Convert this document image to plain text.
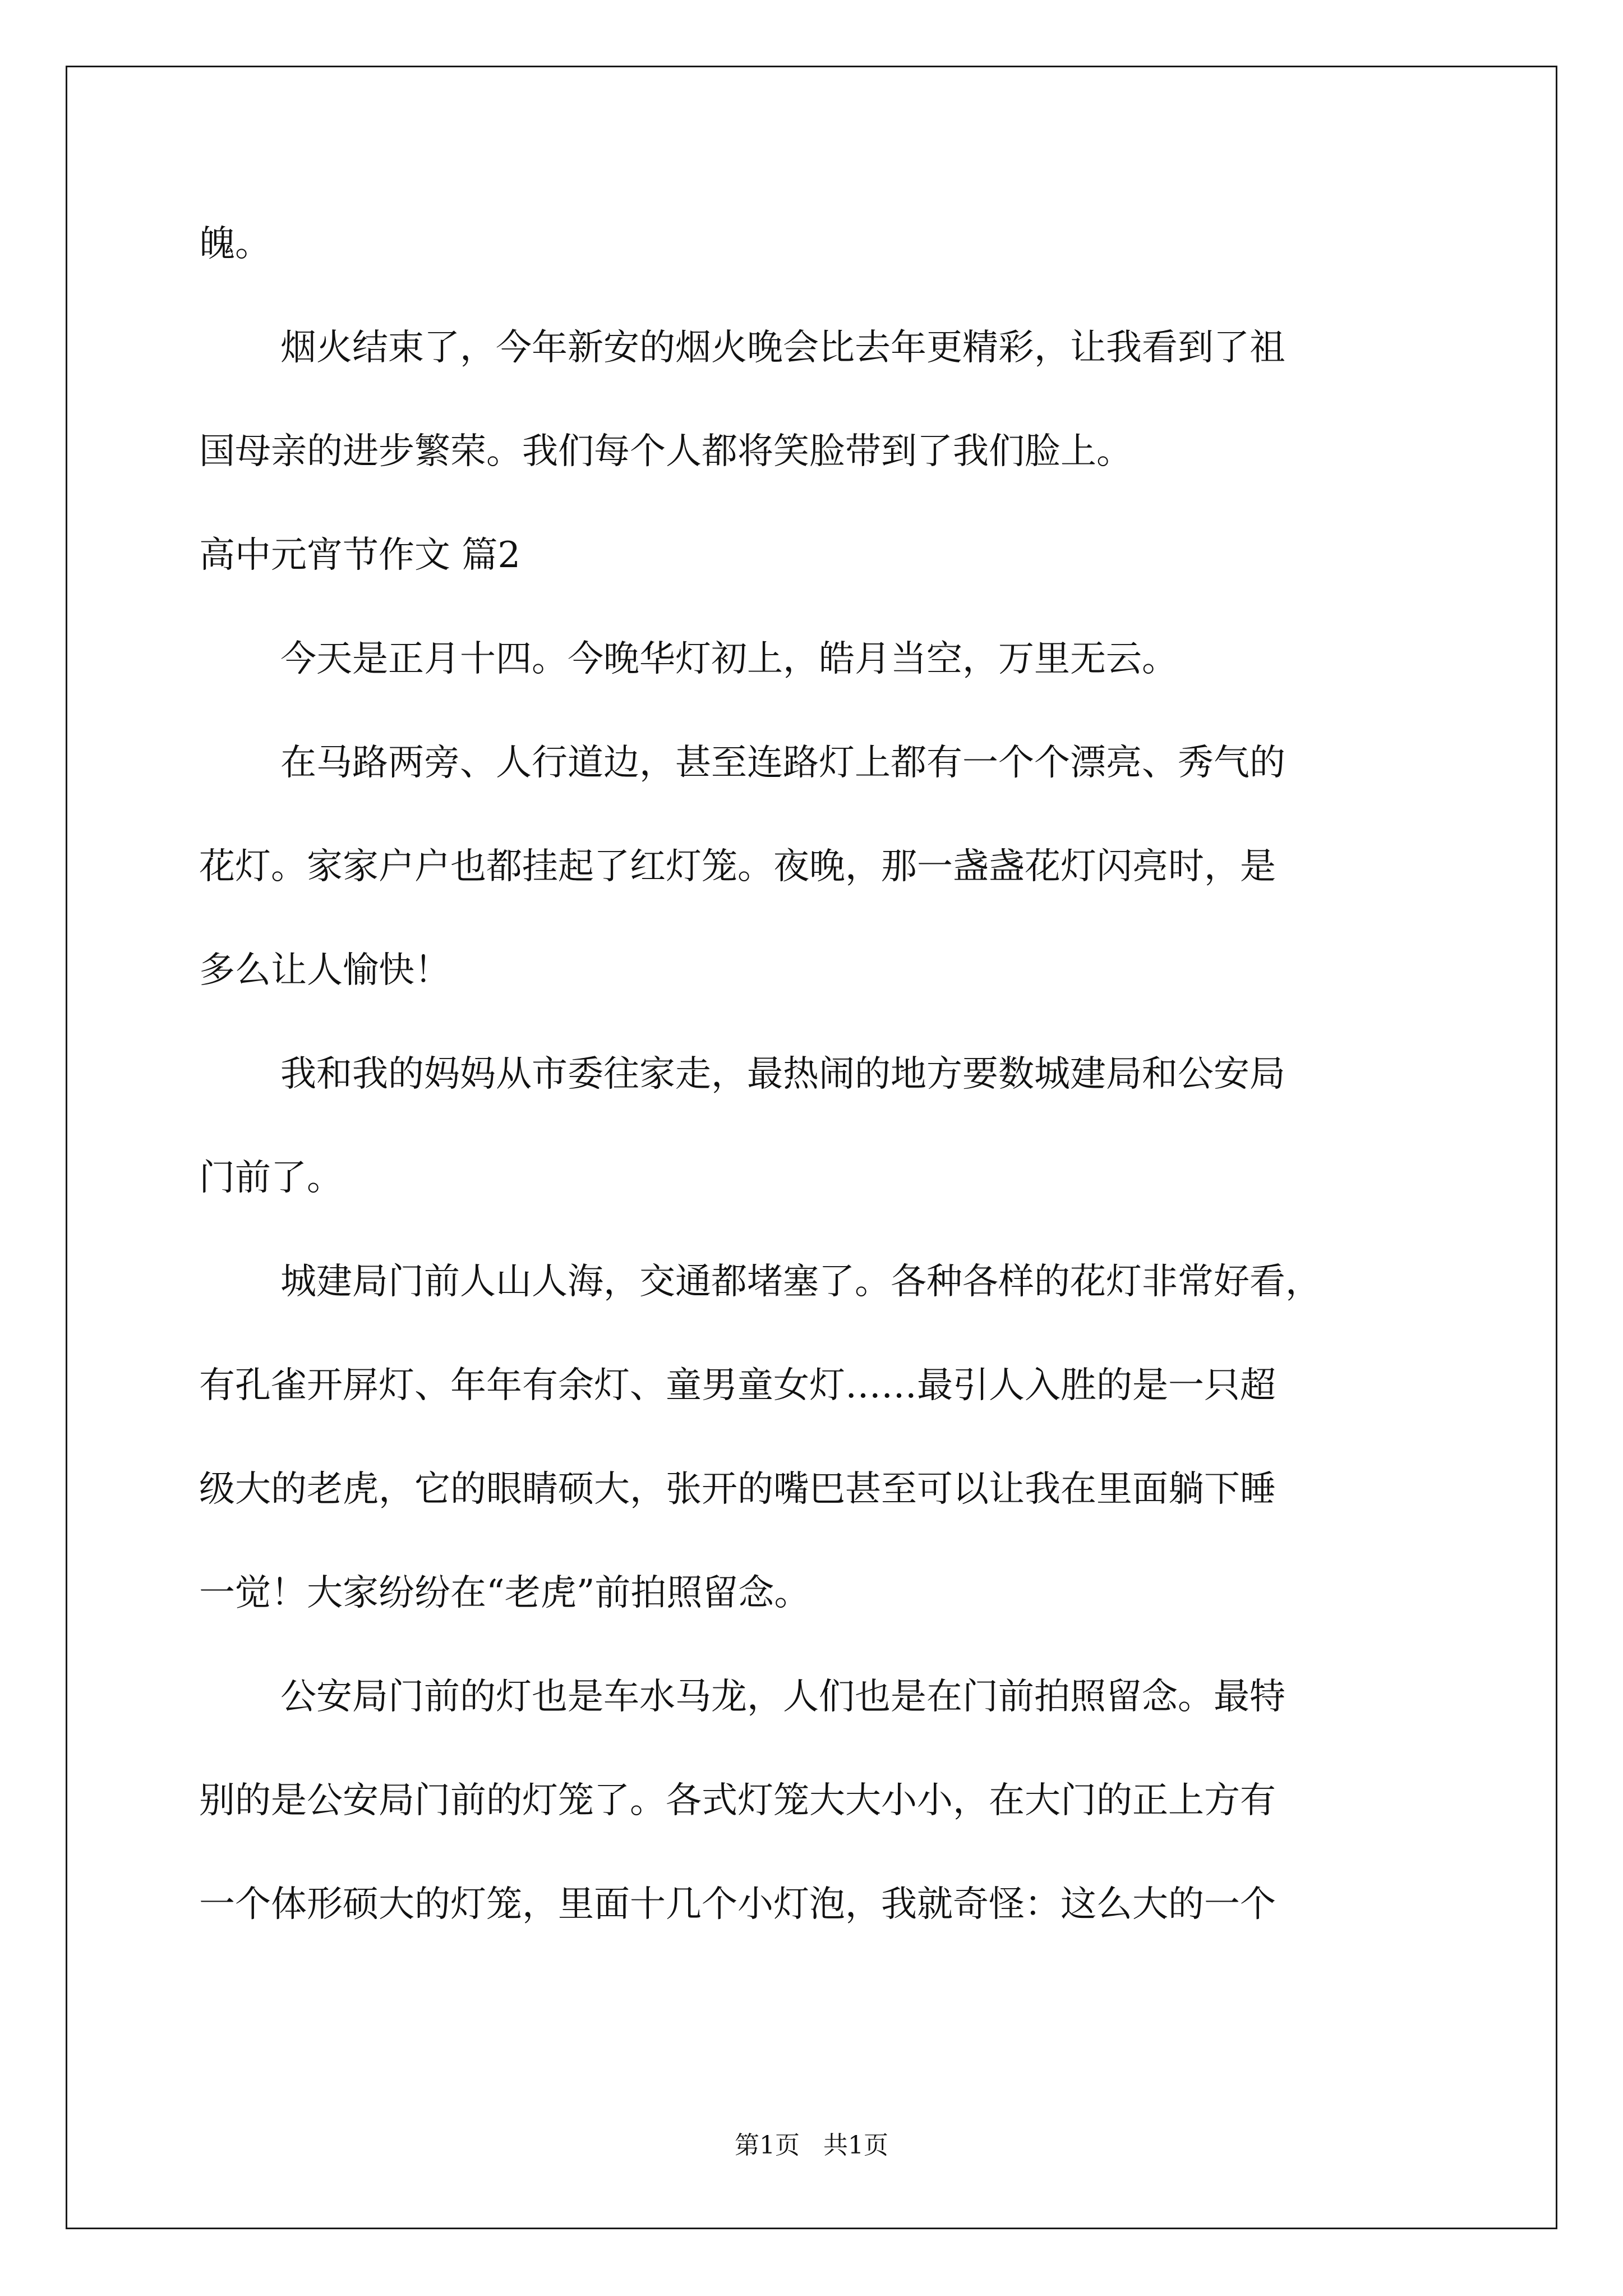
魄。

烟火结束了，今年新安的烟火晚会比去年更精彩，让我看到了祖

国母亲的进步繁荣。我们每个人都将笑脸带到了我们脸上。

高中元宵节作文 篇2

今天是正月十四。今晚华灯初上，皓月当空，万里无云。

在马路两旁、人行道边，甚至连路灯上都有一个个漂亮、秀气的

花灯。家家户户也都挂起了红灯笼。夜晚，那一盏盏花灯闪亮时，是

多么让人愉快！

我和我的妈妈从市委往家走，最热闹的地方要数城建局和公安局

门前了。

城建局门前人山人海，交通都堵塞了。各种各样的花灯非常好看，

有孔雀开屏灯、年年有余灯、童男童女灯……最引人入胜的是一只超

级大的老虎，它的眼睛硕大，张开的嘴巴甚至可以让我在里面躺下睡

一觉！大家纷纷在“老虎”前拍照留念。

公安局门前的灯也是车水马龙，人们也是在门前拍照留念。最特

别的是公安局门前的灯笼了。各式灯笼大大小小，在大门的正上方有

一个体形硕大的灯笼，里面十几个小灯泡，我就奇怪：这么大的一个

第1页   共1页
